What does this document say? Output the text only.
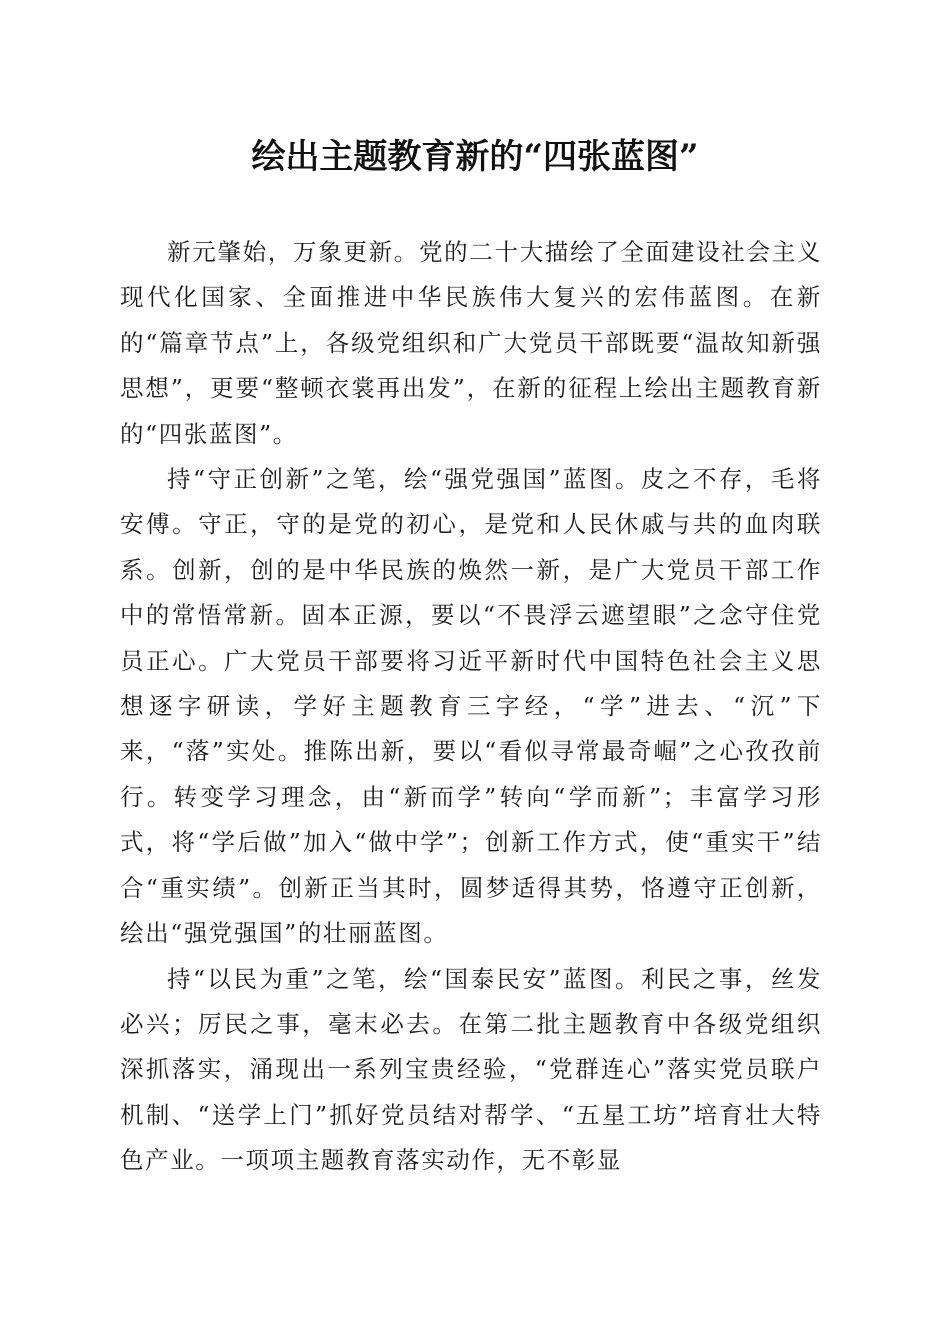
绘出主题教育新的“四张蓝图”

新元肇始，万象更新。党的二十大描绘了全面建设社会主义现代化国家、全面推进中华民族伟大复兴的宏伟蓝图。在新的“篇章节点”上，各级党组织和广大党员干部既要“温故知新强思想”，更要“整顿衣裳再出发”，在新的征程上绘出主题教育新的“四张蓝图”。

持“守正创新”之笔，绘“强党强国”蓝图。皮之不存，毛将安傅。守正，守的是党的初心，是党和人民休戚与共的血肉联系。创新，创的是中华民族的焕然一新，是广大党员干部工作中的常悟常新。固本正源，要以“不畏浮云遮望眼”之念守住党员正心。广大党员干部要将习近平新时代中国特色社会主义思想逐字研读，学好主题教育三字经，“学”进去、“沉”下来，“落”实处。推陈出新，要以“看似寻常最奇崛”之心孜孜前行。转变学习理念，由“新而学”转向“学而新”；丰富学习形式，将“学后做”加入“做中学”；创新工作方式，使“重实干”结合“重实绩”。创新正当其时，圆梦适得其势，恪遵守正创新，绘出“强党强国”的壮丽蓝图。

持“以民为重”之笔，绘“国泰民安”蓝图。利民之事，丝发必兴；厉民之事，毫末必去。在第二批主题教育中各级党组织深抓落实，涌现出一系列宝贵经验，“党群连心”落实党员联户机制、“送学上门”抓好党员结对帮学、“五星工坊”培育壮大特色产业。一项项主题教育落实动作，无不彰显
